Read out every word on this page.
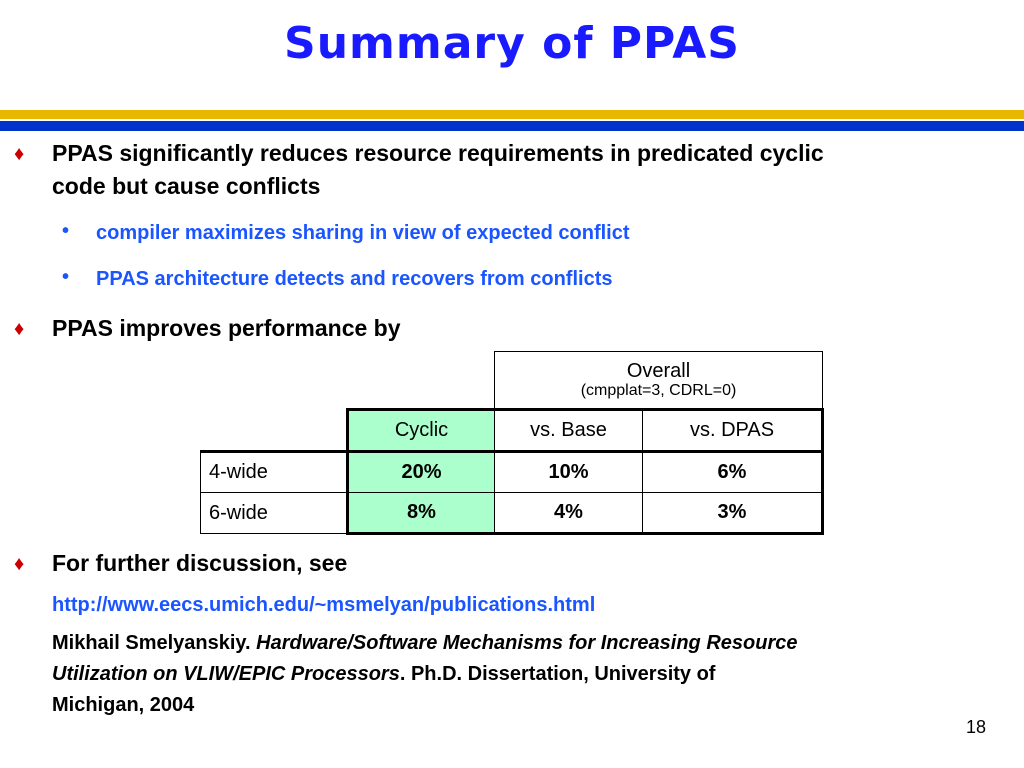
Summary of PPAS
♦ PPAS significantly reduces resource requirements in predicated cyclic
code but cause conflicts
• compiler maximizes sharing in view of expected conflict
• PPAS architecture detects and recovers from conflicts
♦ PPAS improves performance by

		Overall
(cmpplat=3, CDRL=0)	

	Cyclic	vs. Base	vs. DPAS
4-wide	20%	10%	6%
6-wide	8%	4%	3%
♦ For further discussion, see
http://www.eecs.umich.edu/~msmelyan/publications.html
Mikhail Smelyanskiy. Hardware/Software Mechanisms for Increasing Resource
Utilization on VLIW/EPIC Processors. Ph.D. Dissertation, University of
Michigan, 2004
18
